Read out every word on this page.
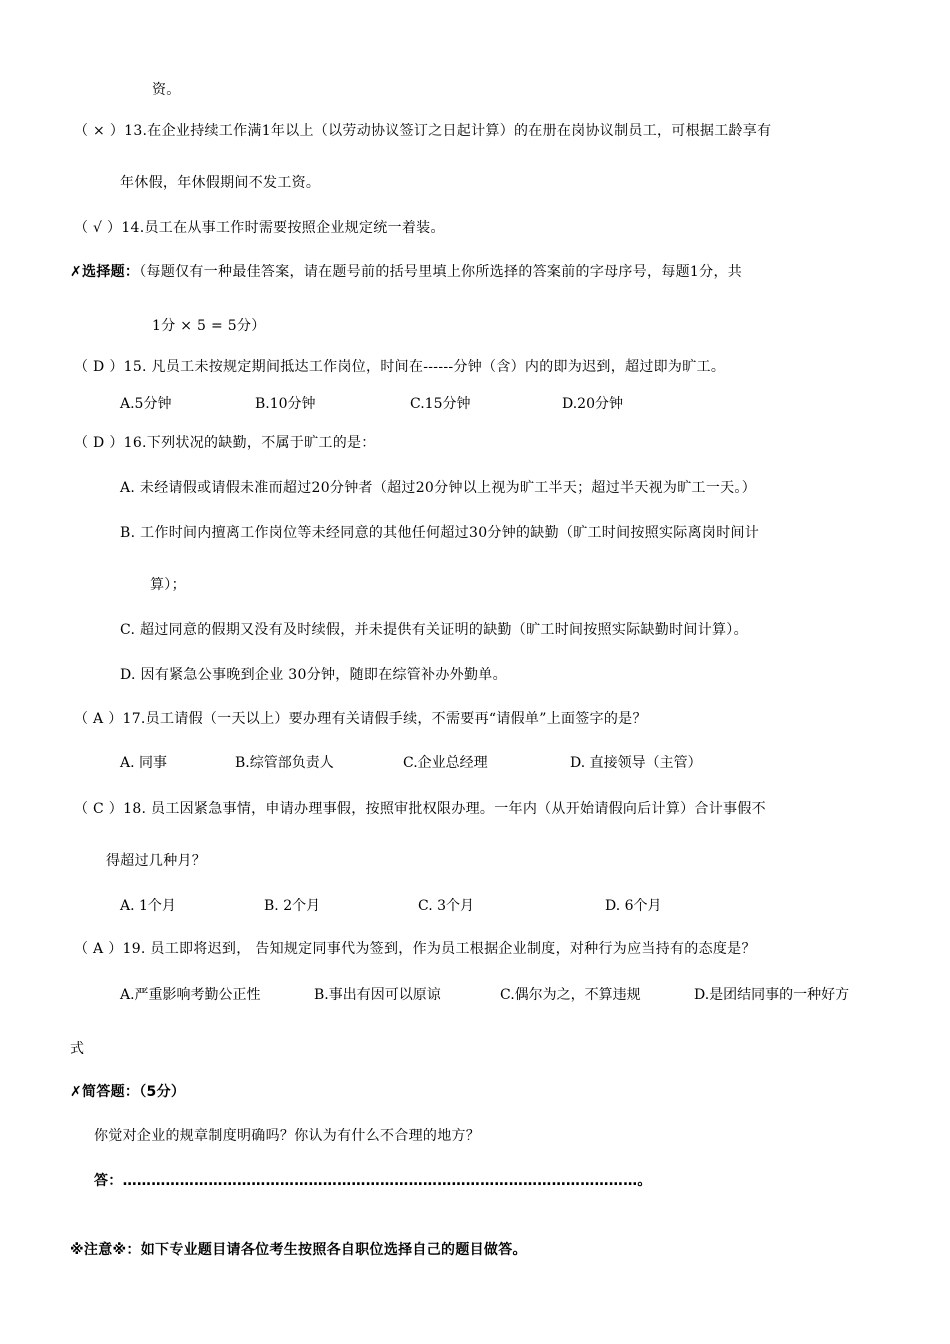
资。
（ × ）13.在企业持续工作满1年以上（以劳动协议签订之日起计算）的在册在岗协议制员工，可根据工龄享有
年休假，年休假期间不发工资。
（ √ ）14.员工在从事工作时需要按照企业规定统一着装。
✗选择题：（每题仅有一种最佳答案，请在题号前的括号里填上你所选择的答案前的字母序号，每题1分，共
1分 × 5 = 5分）
（ D ）15. 凡员工未按规定期间抵达工作岗位，时间在------分钟（含）内的即为迟到，超过即为旷工。
A.5分钟	B.10分钟	C.15分钟	D.20分钟
（ D ）16.下列状况的缺勤，不属于旷工的是：
A. 未经请假或请假未准而超过20分钟者（超过20分钟以上视为旷工半天；超过半天视为旷工一天。）
B. 工作时间内擅离工作岗位等未经同意的其他任何超过30分钟的缺勤（旷工时间按照实际离岗时间计
算）；
C. 超过同意的假期又没有及时续假，并未提供有关证明的缺勤（旷工时间按照实际缺勤时间计算）。
D. 因有紧急公事晚到企业 30分钟，随即在综管补办外勤单。
（ A ）17.员工请假（一天以上）要办理有关请假手续，不需要再“请假单”上面签字的是？
A. 同事	B.综管部负责人	C.企业总经理	D. 直接领导（主管）
（ C ）18. 员工因紧急事情，申请办理事假，按照审批权限办理。一年内（从开始请假向后计算）合计事假不
得超过几种月？
A. 1个月	B. 2个月	C. 3个月	D. 6个月
（ A ）19. 员工即将迟到， 告知规定同事代为签到，作为员工根据企业制度，对种行为应当持有的态度是？
A.严重影响考勤公正性	B.事出有因可以原谅	C.偶尔为之，不算违规	D.是团结同事的一种好方
式
✗简答题：（5分）
你觉对企业的规章制度明确吗？你认为有什么不合理的地方？
答：………………………………………………………………………………………………。
※注意※：如下专业题目请各位考生按照各自职位选择自己的题目做答。
